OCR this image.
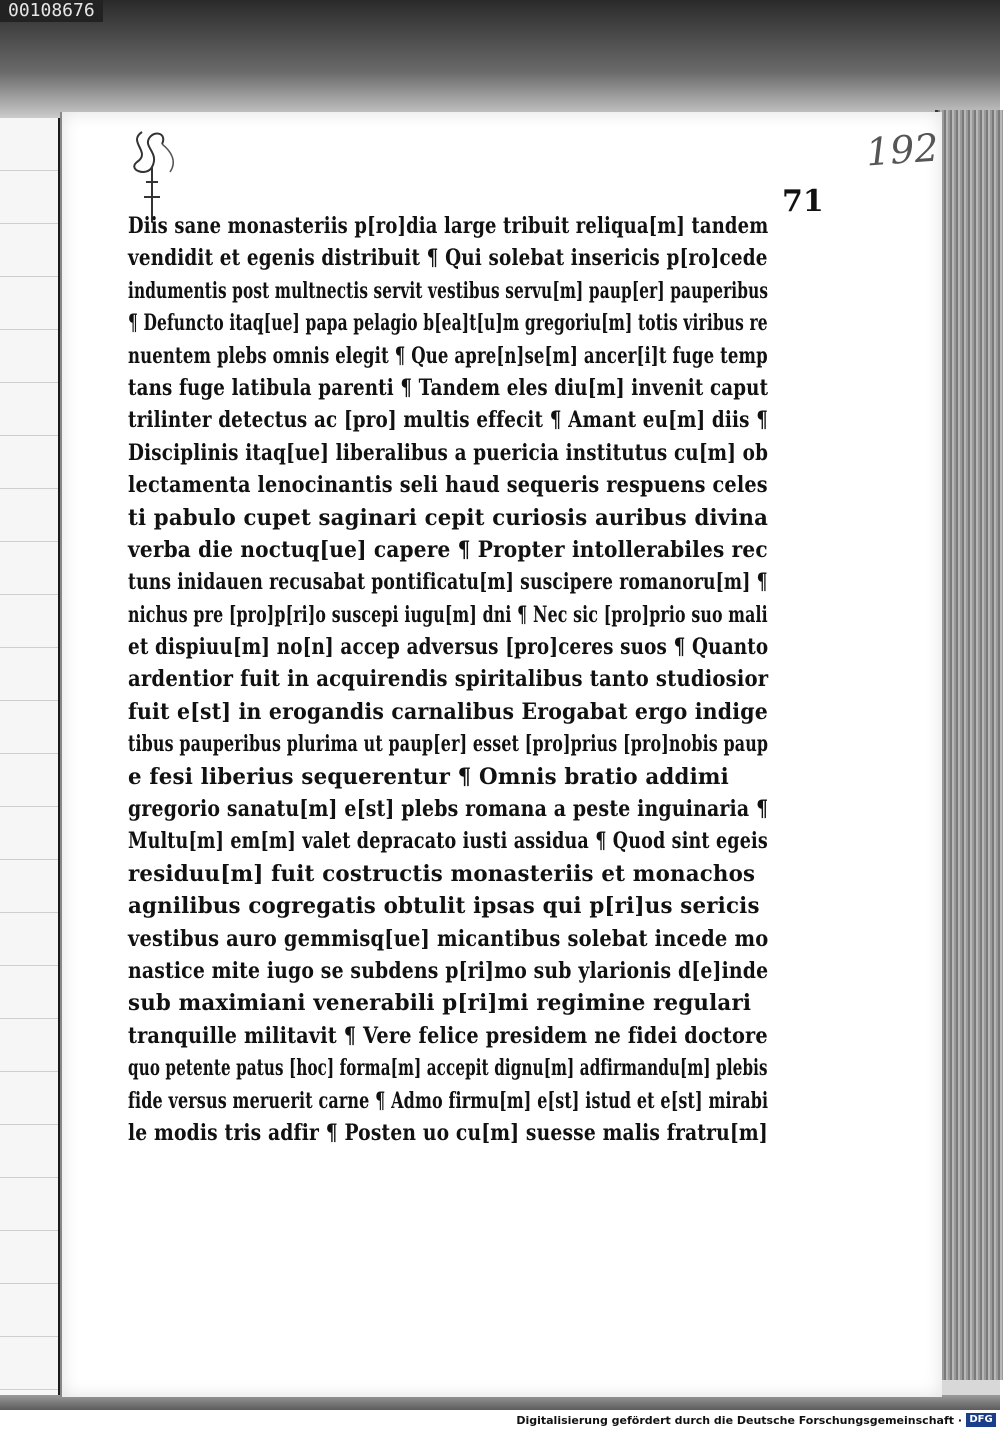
00108676
192
71
Diis sane monasteriis p[ro]dia large tribuit reliqua[m] tandem
vendidit et egenis distribuit ¶ Qui solebat insericis p[ro]cede
indumentis post multnectis servit vestibus servu[m] paup[er] pauperibus
¶ Defuncto itaq[ue] papa pelagio b[ea]t[u]m gregoriu[m] totis viribus re
nuentem plebs omnis elegit ¶ Que apre[n]se[m] ancer[i]t fuge temp
tans fuge latibula parenti ¶ Tandem eles diu[m] invenit caput
trilinter detectus ac [pro] multis effecit ¶ Amant eu[m] diis ¶
Disciplinis itaq[ue] liberalibus a puericia institutus cu[m] ob
lectamenta lenocinantis seli haud sequeris respuens celes
ti pabulo cupet saginari cepit curiosis auribus divina
verba die noctuq[ue] capere ¶ Propter intollerabiles rec
tuns inidauen recusabat pontificatu[m] suscipere romanoru[m] ¶
nichus pre [pro]p[ri]o suscepi iugu[m] dni ¶ Nec sic [pro]prio suo mali
et dispiuu[m] no[n] accep adversus [pro]ceres suos ¶ Quanto
ardentior fuit in acquirendis spiritalibus tanto studiosior
fuit e[st] in erogandis carnalibus Erogabat ergo indige
tibus pauperibus plurima ut paup[er] esset [pro]prius [pro]nobis paup
e fesi liberius sequerentur ¶ Omnis bratio addimi
gregorio sanatu[m] e[st] plebs romana a peste inguinaria ¶
Multu[m] em[m] valet depracato iusti assidua ¶ Quod sint egeis
residuu[m] fuit costructis monasteriis et monachos
agnilibus cogregatis obtulit ipsas qui p[ri]us sericis
vestibus auro gemmisq[ue] micantibus solebat incede mo
nastice mite iugo se subdens p[ri]mo sub ylarionis d[e]inde
sub maximiani venerabili p[ri]mi regimine regulari
tranquille militavit ¶ Vere felice presidem ne fidei doctore
quo petente patus [hoc] forma[m] accepit dignu[m] adfirmandu[m] plebis
fide versus meruerit carne ¶ Admo firmu[m] e[st] istud et e[st] mirabi
le modis tris adfir ¶ Posten uo cu[m] suesse malis fratru[m]
Digitalisierung gefördert durch die Deutsche Forschungsgemeinschaft · DFG
